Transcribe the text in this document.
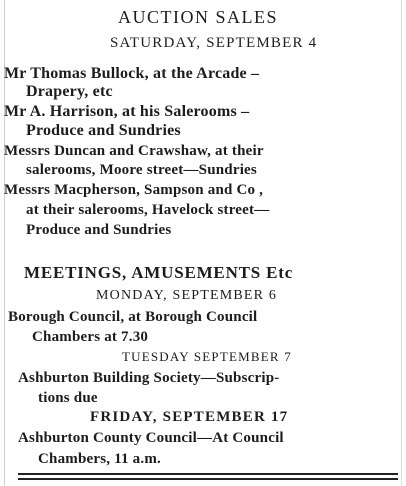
AUCTION SALES
SATURDAY, SEPTEMBER 4
Mr Thomas Bullock, at the Arcade –
Drapery, etc
Mr A. Harrison, at his Salerooms –
Produce and Sundries
Messrs Duncan and Crawshaw, at their
salerooms, Moore street—Sundries
Messrs Macpherson, Sampson and Co ,
at their salerooms, Havelock street—
Produce and Sundries
MEETINGS, AMUSEMENTS Etc
MONDAY, SEPTEMBER 6
Borough Council, at Borough Council
Chambers at 7.30
TUESDAY SEPTEMBER 7
Ashburton Building Society—Subscrip-
tions due
FRIDAY, SEPTEMBER 17
Ashburton County Council—At Council
Chambers, 11 a.m.
